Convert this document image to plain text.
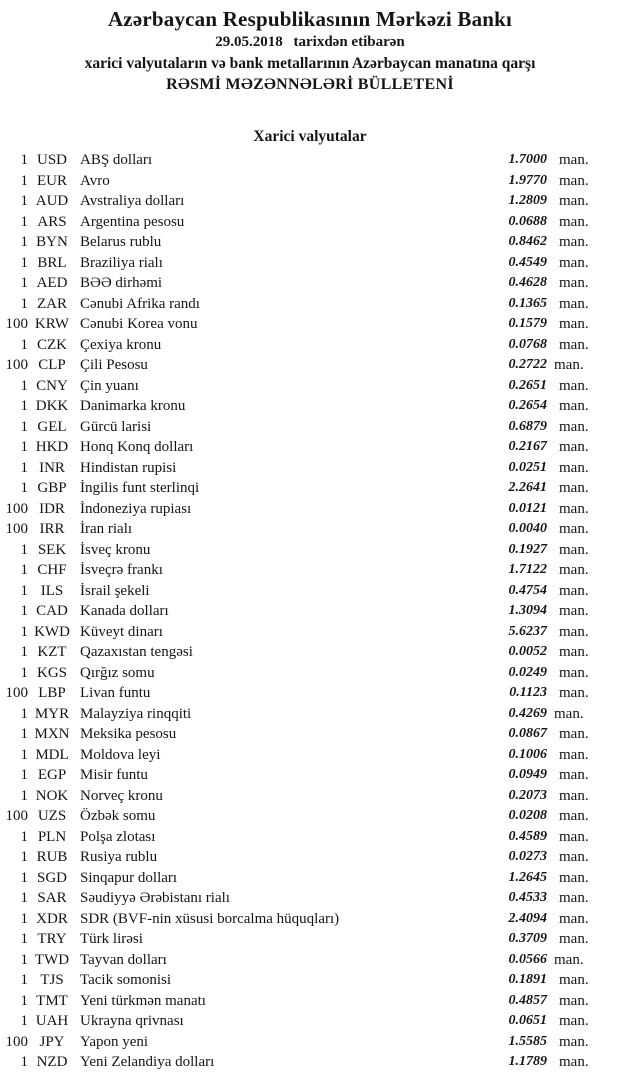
Azərbaycan Respublikasının Mərkəzi Bankı
29.05.2018 tarixdən etibarən
xarici valyutaların və bank metallarının Azərbaycan manatına qarşı
RƏSMİ MƏZƏNNƏLƏRİ BÜLLETENİ
Xarici valyutalar
1 USD ABŞ dolları	1.7000 man.
1 EUR Avro	1.9770 man.
1 AUD Avstraliya dolları	1.2809 man.
1 ARS Argentina pesosu	0.0688 man.
1 BYN Belarus rublu	0.8462 man.
1 BRL Braziliya rialı	0.4549 man.
1 AED BƏƏ dirhəmi	0.4628 man.
1 ZAR Cənubi Afrika randı	0.1365 man.
100 KRW Cənubi Korea vonu	0.1579 man.
1 CZK Çexiya kronu	0.0768 man.
100 CLP Çili Pesosu	0.2722 man.
1 CNY Çin yuanı	0.2651 man.
1 DKK Danimarka kronu	0.2654 man.
1 GEL Gürcü larisi	0.6879 man.
1 HKD Honq Konq dolları	0.2167 man.
1 INR	Hindistan rupisi	0.0251 man.
1 GBP İngilis funt sterlinqi	2.2641 man.
100 IDR	İndoneziya rupiası	0.0121 man.
100 IRR	İran rialı	0.0040 man.
1 SEK İsveç kronu	0.1927 man.
1 CHF İsveçrə frankı	1.7122 man.
1 ILS	İsrail şekeli	0.4754 man.
1 CAD Kanada dolları	1.3094 man.
1 KWD Küveyt dinarı	5.6237 man.
1 KZT Qazaxıstan tengəsi	0.0052 man.
1 KGS Qırğız somu	0.0249 man.
100 LBP Livan funtu	0.1123 man.
1 MYR Malayziya rinqqiti	0.4269 man.
1 MXN Meksika pesosu	0.0867 man.
1 MDL Moldova leyi	0.1006 man.
1 EGP Misir funtu	0.0949 man.
1 NOK Norveç kronu	0.2073 man.
100 UZS Özbək somu	0.0208 man.
1 PLN Polşa zlotası	0.4589 man.
1 RUB Rusiya rublu	0.0273 man.
1 SGD Sinqapur dolları	1.2645 man.
1 SAR Səudiyyə Ərəbistanı rialı	0.4533 man.
1 XDR SDR (BVF-nin xüsusi borcalma hüquqları)	2.4094 man.
1 TRY Türk lirəsi	0.3709 man.
1 TWD Tayvan dolları	0.0566 man.
1 TJS	Tacik somonisi	0.1891 man.
1 TMT Yeni türkmən manatı	0.4857 man.
1 UAH Ukrayna qrivnası	0.0651 man.
100 JPY	Yapon yeni	1.5585 man.
1 NZD Yeni Zelandiya dolları	1.1789 man.
